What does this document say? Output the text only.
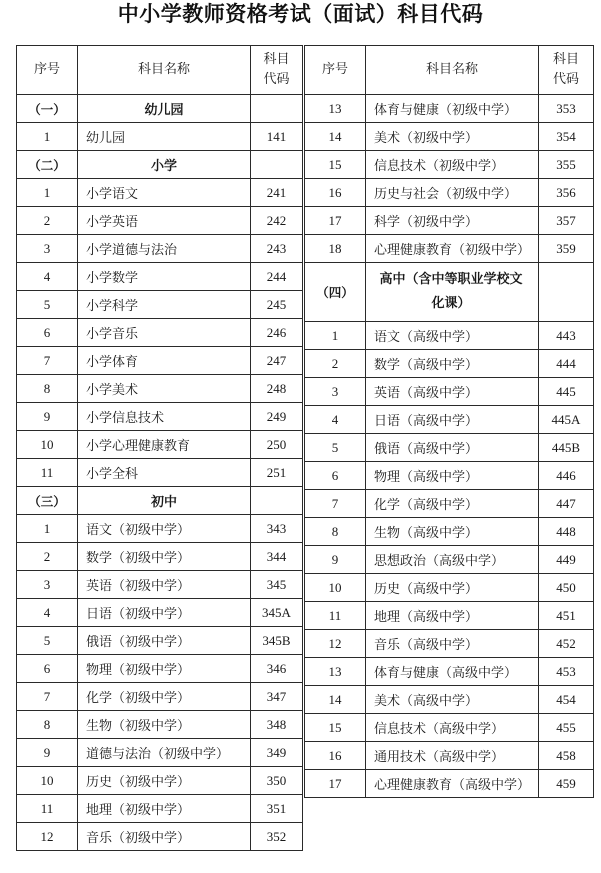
中小学教师资格考试（面试）科目代码
序号	科目名称	科目
代码
（一）	幼儿园	
1	幼儿园	141
（二）	小学	
1	小学语文	241
2	小学英语	242
3	小学道德与法治	243
4	小学数学	244
5	小学科学	245
6	小学音乐	246
7	小学体育	247
8	小学美术	248
9	小学信息技术	249
10	小学心理健康教育	250
11	小学全科	251
（三）	初中	
1	语文（初级中学）	343
2	数学（初级中学）	344
3	英语（初级中学）	345
4	日语（初级中学）	345A
5	俄语（初级中学）	345B
6	物理（初级中学）	346
7	化学（初级中学）	347
8	生物（初级中学）	348
9	道德与法治（初级中学）	349
10	历史（初级中学）	350
11	地理（初级中学）	351
12	音乐（初级中学）	352
序号	科目名称	科目
代码
13	体育与健康（初级中学）	353
14	美术（初级中学）	354
15	信息技术（初级中学）	355
16	历史与社会（初级中学）	356
17	科学（初级中学）	357
18	心理健康教育（初级中学）	359
（四）	高中（含中等职业学校文化课）	
1	语文（高级中学）	443
2	数学（高级中学）	444
3	英语（高级中学）	445
4	日语（高级中学）	445A
5	俄语（高级中学）	445B
6	物理（高级中学）	446
7	化学（高级中学）	447
8	生物（高级中学）	448
9	思想政治（高级中学）	449
10	历史（高级中学）	450
11	地理（高级中学）	451
12	音乐（高级中学）	452
13	体育与健康（高级中学）	453
14	美术（高级中学）	454
15	信息技术（高级中学）	455
16	通用技术（高级中学）	458
17	心理健康教育（高级中学）	459
